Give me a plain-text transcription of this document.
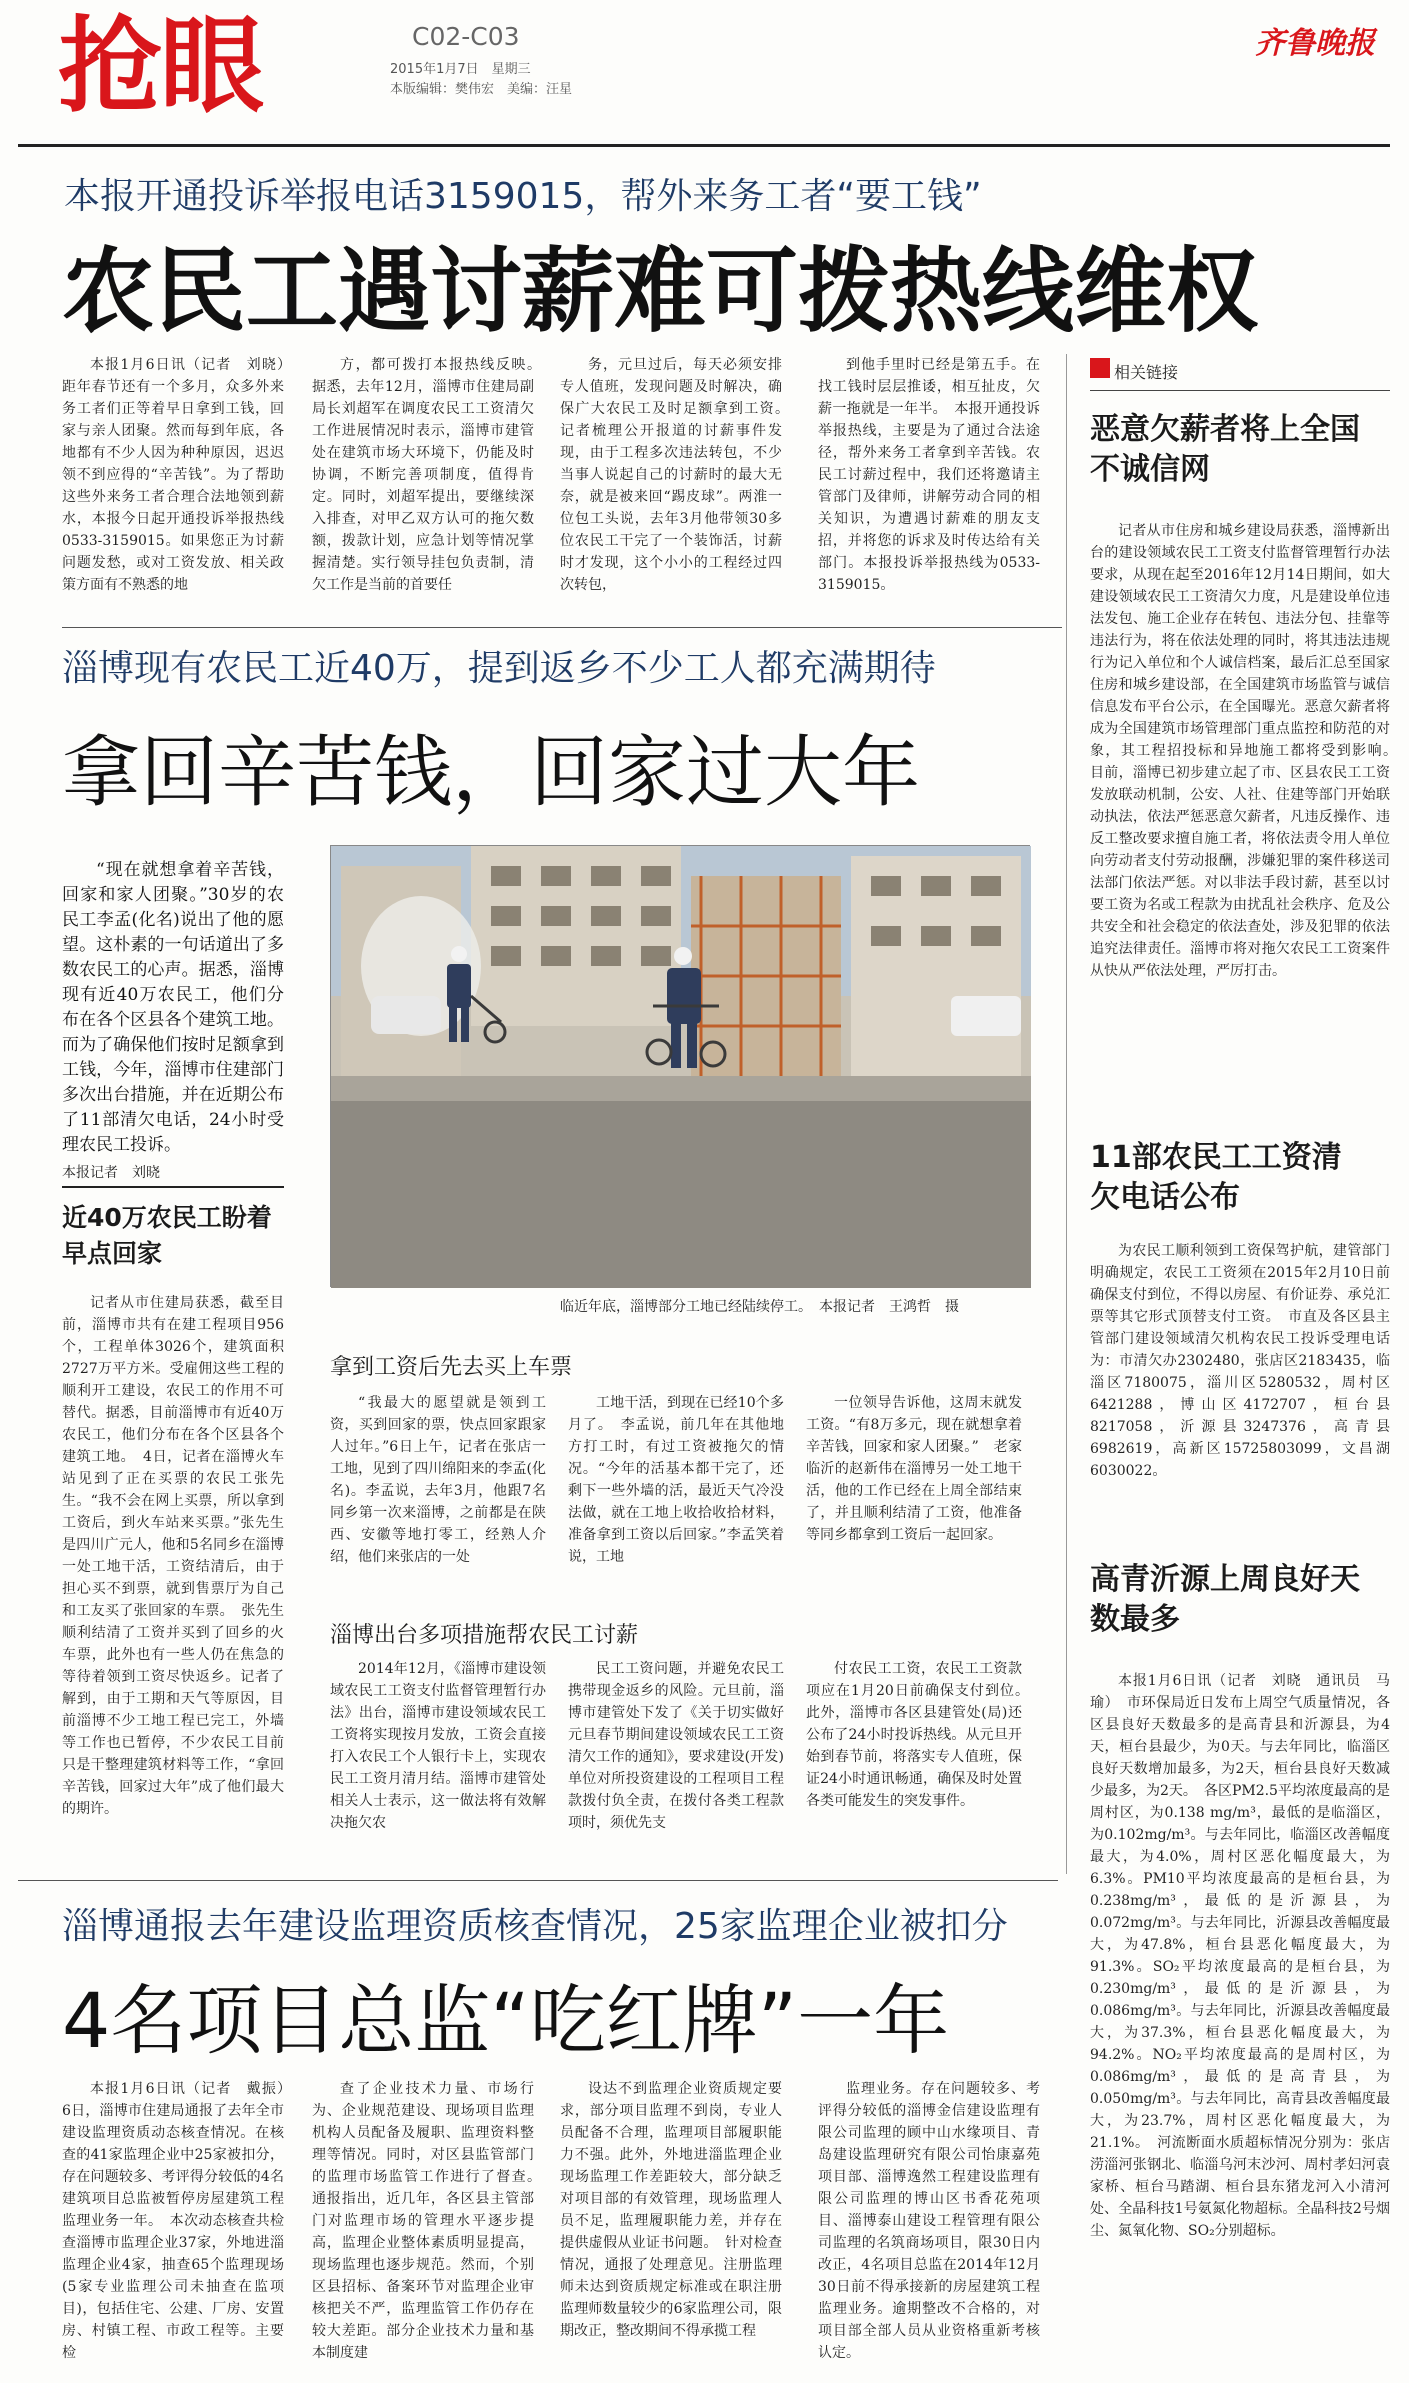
抢眼	C02-C03
2015年1月7日　星期三
本版编辑：樊伟宏　美编：汪星
齐鲁晚报
本报开通投诉举报电话3159015，帮外来务工者“要工钱”
农民工遇讨薪难可拨热线维权

本报1月6日讯（记者　刘晓）　距年春节还有一个多月，众多外来务工者们正等着早日拿到工钱，回家与亲人团聚。然而每到年底，各地都有不少人因为种种原因，迟迟领不到应得的“辛苦钱”。为了帮助这些外来务工者合理合法地领到薪水，本报今日起开通投诉举报热线0533-3159015。如果您正为讨薪问题发愁，或对工资发放、相关政策方面有不熟悉的地

方，都可拨打本报热线反映。　据悉，去年12月，淄博市住建局副局长刘超军在调度农民工工资清欠工作进展情况时表示，淄博市建管处在建筑市场大环境下，仍能及时协调，不断完善项制度，值得肯定。同时，刘超军提出，要继续深入排查，对甲乙双方认可的拖欠数额，拨款计划，应急计划等情况掌握清楚。实行领导挂包负责制，清欠工作是当前的首要任

务，元旦过后，每天必须安排专人值班，发现问题及时解决，确保广大农民工及时足额拿到工资。　记者梳理公开报道的讨薪事件发现，由于工程多次违法转包，不少当事人说起自己的讨薪时的最大无奈，就是被来回“踢皮球”。两淮一位包工头说，去年3月他带领30多位农民工干完了一个装饰活，讨薪时才发现，这个小小的工程经过四次转包，

到他手里时已经是第五手。在找工钱时层层推诿，相互扯皮，欠薪一拖就是一年半。　本报开通投诉举报热线，主要是为了通过合法途径，帮外来务工者拿到辛苦钱。农民工讨薪过程中，我们还将邀请主管部门及律师，讲解劳动合同的相关知识，为遭遇讨薪难的朋友支招，并将您的诉求及时传达给有关部门。本报投诉举报热线为0533-3159015。

淄博现有农民工近40万，提到返乡不少工人都充满期待
拿回辛苦钱，回家过大年

“现在就想拿着辛苦钱，回家和家人团聚。”30岁的农民工李孟(化名)说出了他的愿望。这朴素的一句话道出了多数农民工的心声。据悉，淄博现有近40万农民工，他们分布在各个区县各个建筑工地。而为了确保他们按时足额拿到工钱，今年，淄博市住建部门多次出台措施，并在近期公布了11部清欠电话，24小时受理农民工投诉。

本报记者　刘晓
近40万农民工盼着早点回家

记者从市住建局获悉，截至目前，淄博市共有在建工程项目956个，工程单体3026个，建筑面积2727万平方米。受雇佣这些工程的顺利开工建设，农民工的作用不可替代。据悉，目前淄博市有近40万农民工，他们分布在各个区县各个建筑工地。　4日，记者在淄博火车站见到了正在买票的农民工张先生。“我不会在网上买票，所以拿到工资后，到火车站来买票。”张先生是四川广元人，他和5名同乡在淄博一处工地干活，工资结清后，由于担心买不到票，就到售票厅为自己和工友买了张回家的车票。　张先生顺利结清了工资并买到了回乡的火车票，此外也有一些人仍在焦急的等待着领到工资尽快返乡。记者了解到，由于工期和天气等原因，目前淄博不少工地工程已完工，外墙等工作也已暂停，不少农民工目前只是干整理建筑材料等工作，“拿回辛苦钱，回家过大年”成了他们最大的期许。

临近年底，淄博部分工地已经陆续停工。　本报记者　王鸿哲　摄
拿到工资后先去买上车票

“我最大的愿望就是领到工资，买到回家的票，快点回家跟家人过年。”6日上午，记者在张店一工地，见到了四川绵阳来的李孟(化名)。李孟说，去年3月，他跟7名同乡第一次来淄博，之前都是在陕西、安徽等地打零工，经熟人介绍，他们来张店的一处

工地干活，到现在已经10个多月了。　李孟说，前几年在其他地方打工时，有过工资被拖欠的情况。“今年的活基本都干完了，还剩下一些外墙的活，最近天气冷没法做，就在工地上收拾收拾材料，准备拿到工资以后回家。”李孟笑着说，工地

一位领导告诉他，这周末就发工资。“有8万多元，现在就想拿着辛苦钱，回家和家人团聚。”　老家临沂的赵新伟在淄博另一处工地干活，他的工作已经在上周全部结束了，并且顺利结清了工资，他准备等同乡都拿到工资后一起回家。

淄博出台多项措施帮农民工讨薪

2014年12月，《淄博市建设领域农民工工资支付监督管理暂行办法》出台，淄博市建设领域农民工工资将实现按月发放，工资会直接打入农民工个人银行卡上，实现农民工工资月清月结。淄博市建管处相关人士表示，这一做法将有效解决拖欠农

民工工资问题，并避免农民工携带现金返乡的风险。元旦前，淄博市建管处下发了《关于切实做好元旦春节期间建设领域农民工工资清欠工作的通知》，要求建设(开发)单位对所投资建设的工程项目工程款拨付负全责，在拨付各类工程款项时，须优先支

付农民工工资，农民工工资款项应在1月20日前确保支付到位。　此外，淄博市各区县建管处(局)还公布了24小时投诉热线。从元旦开始到春节前，将落实专人值班，保证24小时通讯畅通，确保及时处置各类可能发生的突发事件。

淄博通报去年建设监理资质核查情况，25家监理企业被扣分
4名项目总监“吃红牌”一年

本报1月6日讯（记者　戴振）　6日，淄博市住建局通报了去年全市建设监理资质动态核查情况。在核查的41家监理企业中25家被扣分，存在问题较多、考评得分较低的4名建筑项目总监被暂停房屋建筑工程监理业务一年。　本次动态核查共检查淄博市监理企业37家，外地进淄监理企业4家，抽查65个监理现场(5家专业监理公司未抽查在监项目)，包括住宅、公建、厂房、安置房、村镇工程、市政工程等。主要检

查了企业技术力量、市场行为、企业规范建设、现场项目监理机构人员配备及履职、监理资料整理等情况。同时，对区县监管部门的监理市场监管工作进行了督查。　通报指出，近几年，各区县主管部门对监理市场的管理水平逐步提高，监理企业整体素质明显提高，现场监理也逐步规范。然而，个别区县招标、备案环节对监理企业审核把关不严，监理监管工作仍存在较大差距。部分企业技术力量和基本制度建

设达不到监理企业资质规定要求，部分项目监理不到岗，专业人员配备不合理，监理项目部履职能力不强。此外，外地进淄监理企业现场监理工作差距较大，部分缺乏对项目部的有效管理，现场监理人员不足，监理履职能力差，并存在提供虚假从业证书问题。　针对检查情况，通报了处理意见。注册监理师未达到资质规定标准或在职注册监理师数量较少的6家监理公司，限期改正，整改期间不得承揽工程

监理业务。存在问题较多、考评得分较低的淄博金信建设监理有限公司监理的顾中山水缘项目、青岛建设监理研究有限公司怡康嘉苑项目部、淄博逸然工程建设监理有限公司监理的博山区书香花苑项目、淄博泰山建设工程管理有限公司监理的名筑商场项目，限30日内改正，4名项目总监在2014年12月30日前不得承接新的房屋建筑工程监理业务。逾期整改不合格的，对项目部全部人员从业资格重新考核认定。

相关链接
恶意欠薪者将上全国不诚信网

记者从市住房和城乡建设局获悉，淄博新出台的建设领域农民工工资支付监督管理暂行办法要求，从现在起至2016年12月14日期间，如大建设领域农民工工资清欠力度，凡是建设单位违法发包、施工企业存在转包、违法分包、挂靠等违法行为，将在依法处理的同时，将其违法违规行为记入单位和个人诚信档案，最后汇总至国家住房和城乡建设部，在全国建筑市场监管与诚信信息发布平台公示，在全国曝光。恶意欠薪者将成为全国建筑市场管理部门重点监控和防范的对象，其工程招投标和异地施工都将受到影响。　目前，淄博已初步建立起了市、区县农民工工资发放联动机制，公安、人社、住建等部门开始联动执法，依法严惩恶意欠薪者，凡违反操作、违反工整改要求擅自施工者，将依法责令用人单位向劳动者支付劳动报酬，涉嫌犯罪的案件移送司法部门依法严惩。对以非法手段讨薪，甚至以讨要工资为名或工程款为由扰乱社会秩序、危及公共安全和社会稳定的依法查处，涉及犯罪的依法追究法律责任。淄博市将对拖欠农民工工资案件从快从严依法处理，严厉打击。

11部农民工工资清欠电话公布

为农民工顺利领到工资保驾护航，建管部门明确规定，农民工工资须在2015年2月10日前确保支付到位，不得以房屋、有价证券、承兑汇票等其它形式顶替支付工资。　市直及各区县主管部门建设领域清欠机构农民工投诉受理电话为：市清欠办2302480，张店区2183435，临淄区7180075，淄川区5280532，周村区6421288，博山区4172707，桓台县8217058，沂源县3247376，高青县6982619，高新区15725803099，文昌湖6030022。

高青沂源上周良好天数最多

本报1月6日讯（记者　刘晓　通讯员　马瑜）　市环保局近日发布上周空气质量情况，各区县良好天数最多的是高青县和沂源县，为4天，桓台县最少，为0天。与去年同比，临淄区良好天数增加最多，为2天，桓台县良好天数减少最多，为2天。　各区PM2.5平均浓度最高的是周村区，为0.138 mg/m³，最低的是临淄区，为0.102mg/m³。与去年同比，临淄区改善幅度最大，为4.0%，周村区恶化幅度最大，为6.3%。PM10平均浓度最高的是桓台县，为0.238mg/m³，最低的是沂源县，为0.072mg/m³。与去年同比，沂源县改善幅度最大，为47.8%，桓台县恶化幅度最大，为91.3%。SO₂平均浓度最高的是桓台县，为0.230mg/m³，最低的是沂源县，为0.086mg/m³。与去年同比，沂源县改善幅度最大，为37.3%，桓台县恶化幅度最大，为94.2%。NO₂平均浓度最高的是周村区，为0.086mg/m³，最低的是高青县，为0.050mg/m³。与去年同比，高青县改善幅度最大，为23.7%，周村区恶化幅度最大，为21.1%。　河流断面水质超标情况分别为：张店涝淄河张钢北、临淄乌河末沙河、周村孝妇河袁家桥、桓台马踏湖、桓台县东猪龙河入小清河处、全晶科技1号氨氮化物超标。全晶科技2号烟尘、氮氧化物、SO₂分别超标。
